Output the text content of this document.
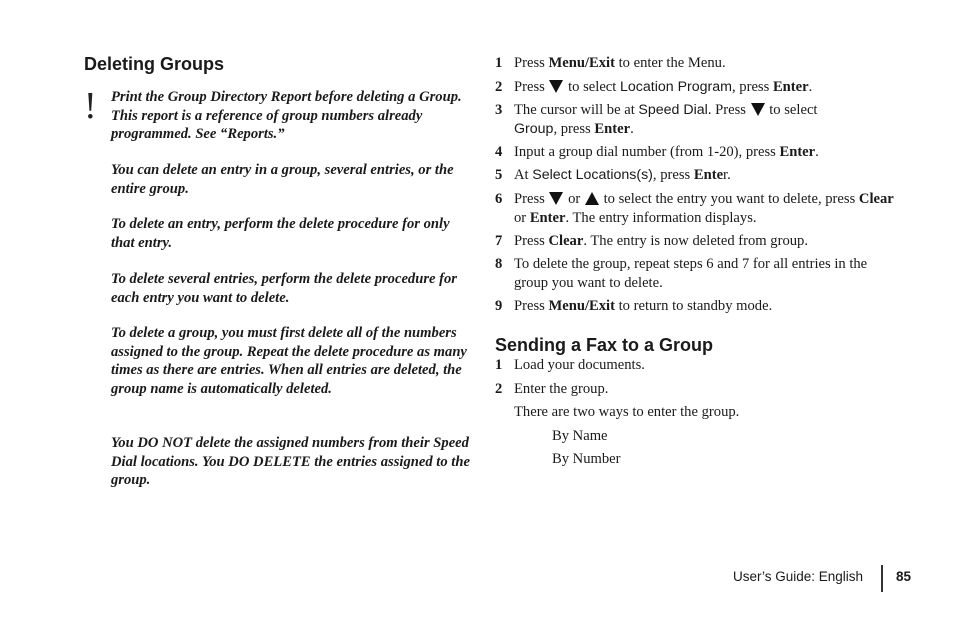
Deleting Groups
! Print the Group Directory Report before deleting a Group. This report is a reference of group numbers already programmed. See “Reports.”

You can delete an entry in a group, several entries, or the entire group.

To delete an entry, perform the delete procedure for only that entry.

To delete several entries, perform the delete procedure for each entry you want to delete.

To delete a group, you must first delete all of the numbers assigned to the group. Repeat the delete procedure as many times as there are entries. When all entries are deleted, the group name is automatically deleted.

You DO NOT delete the assigned numbers from their Speed Dial locations. You DO DELETE the entries assigned to the group.

1 Press Menu/Exit to enter the Menu.
2 Press  to select Location Program, press Enter.
3 The cursor will be at Speed Dial. Press  to select
Group, press Enter.
4 Input a group dial number (from 1-20), press Enter.
5 At Select Locations(s), press Enter.
6 Press  or  to select the entry you want to delete, press Clear or Enter. The entry information displays.
7 Press Clear. The entry is now deleted from group.
8 To delete the group, repeat steps 6 and 7 for all entries in the group you want to delete.
9 Press Menu/Exit to return to standby mode.
Sending a Fax to a Group
1 Load your documents.
2 Enter the group.
There are two ways to enter the group.
By Name
By Number
User’s Guide: English 85
